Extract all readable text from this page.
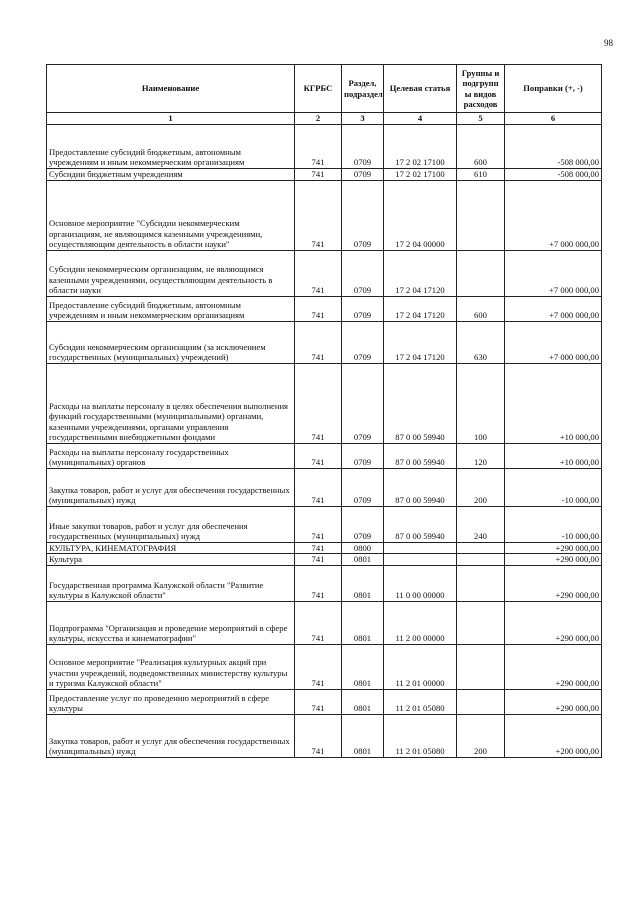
98
Наименование	КГРБС	Раздел, подраздел	Целевая статья	Группы и подгрупп ы видов расходов	Поправки (+, -)
1	2	3	4	5	6
Предоставление субсидий бюджетным, автономным учреждениям и иным некоммерческим организациям	741	0709	17 2 02 17100	600	-508 000,00
Субсидии бюджетным учреждениям	741	0709	17 2 02 17100	610	-508 000,00
Основное мероприятие "Субсидии некоммерческим организациям, не являющимся казенными учреждениями, осуществляющим деятельность в области науки"	741	0709	17 2 04 00000		+7 000 000,00
Субсидии некоммерческим организациям, не являющимся казенными учреждениями, осуществляющим деятельность в области науки	741	0709	17 2 04 17120		+7 000 000,00
Предоставление субсидий бюджетным, автономным учреждениям и иным некоммерческим организациям	741	0709	17 2 04 17120	600	+7 000 000,00
Субсидии некоммерческим организациям (за исключением государственных (муниципальных) учреждений)	741	0709	17 2 04 17120	630	+7 000 000,00
Расходы на выплаты персоналу в целях обеспечения выполнения функций государственными (муниципальными) органами, казенными учреждениями, органами управления государственными внебюджетными фондами	741	0709	87 0 00 59940	100	+10 000,00
Расходы на выплаты персоналу государственных (муниципальных) органов	741	0709	87 0 00 59940	120	+10 000,00
Закупка товаров, работ и услуг для обеспечения государственных (муниципальных) нужд	741	0709	87 0 00 59940	200	-10 000,00
Иные закупки товаров, работ и услуг для обеспечения государственных (муниципальных) нужд	741	0709	87 0 00 59940	240	-10 000,00
КУЛЬТУРА, КИНЕМАТОГРАФИЯ	741	0800			+290 000,00
Культура	741	0801			+290 000,00
Государственная программа Калужской области "Развитие культуры в Калужской области"	741	0801	11 0 00 00000		+290 000,00
Подпрограмма "Организация и проведение мероприятий в сфере культуры, искусства и кинематографии"	741	0801	11 2 00 00000		+290 000,00
Основное мероприятие "Реализация культурных акций при участии учреждений, подведомственных министерству культуры и туризма Калужской области"	741	0801	11 2 01 00000		+290 000,00
Предоставление услуг по проведению мероприятий в сфере культуры	741	0801	11 2 01 05080		+290 000,00
Закупка товаров, работ и услуг для обеспечения государственных (муниципальных) нужд	741	0801	11 2 01 05080	200	+200 000,00
